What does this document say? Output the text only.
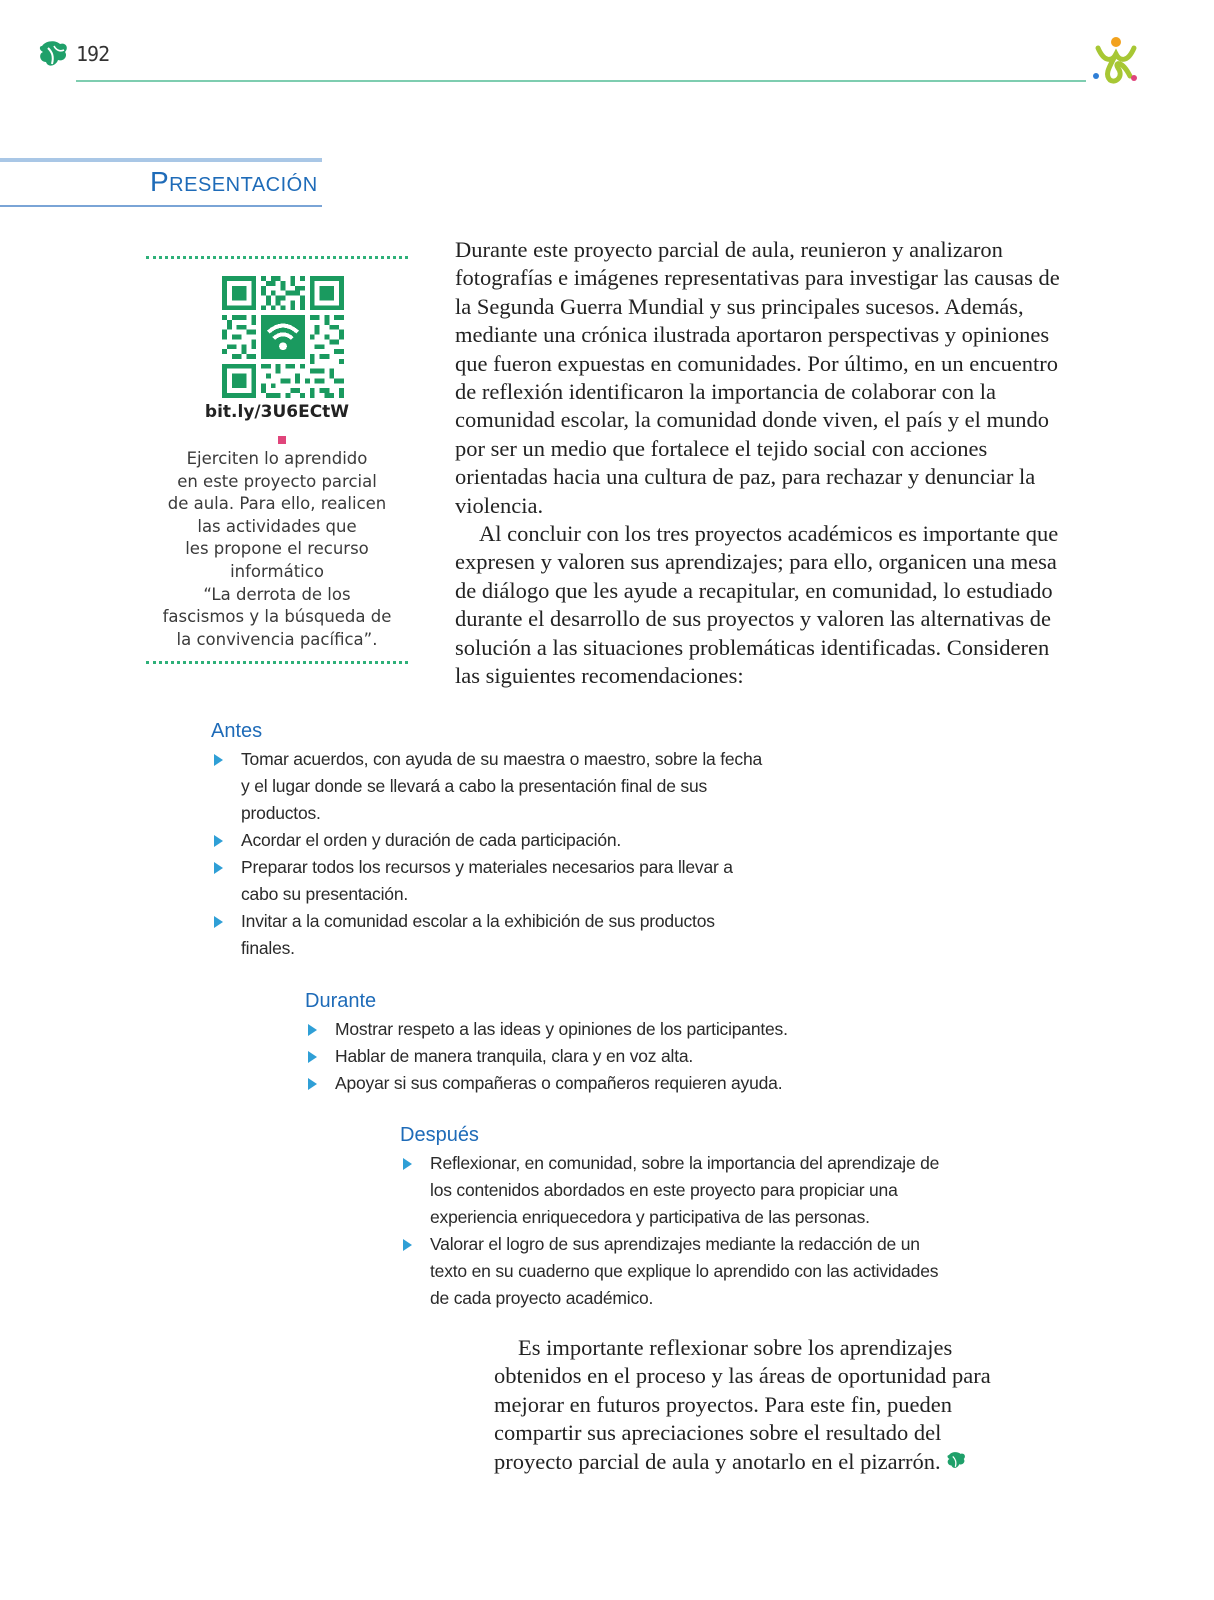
192
Presentación
bit.ly/3U6ECtW

Ejerciten lo aprendido

en este proyecto parcial

de aula. Para ello, realicen

las actividades que

les propone el recurso

informático

“La derrota de los

fascismos y la búsqueda de

la convivencia pacífica”.

Durante este proyecto parcial de aula, reunieron y analizaron fotografías e imágenes representativas para investigar las causas de la Segunda Guerra Mundial y sus principales sucesos. Además, mediante una crónica ilustrada aportaron perspectivas y opiniones que fueron expuestas en comunidades. Por último, en un encuentro de reflexión identificaron la importancia de colaborar con la comunidad escolar, la comunidad donde viven, el país y el mundo por ser un medio que fortalece el tejido social con acciones orientadas hacia una cultura de paz, para rechazar y denunciar la violencia.

Al concluir con los tres proyectos académicos es importante que expresen y valoren sus aprendizajes; para ello, organicen una mesa de diálogo que les ayude a recapitular, en comunidad, lo estudiado durante el desarrollo de sus proyectos y valoren las alternativas de solución a las situaciones problemáticas identificadas. Consideren las siguientes recomendaciones:

Antes
Tomar acuerdos, con ayuda de su maestra o maestro, sobre la fecha y el lugar donde se llevará a cabo la presentación final de sus productos.
Acordar el orden y duración de cada participación.
Preparar todos los recursos y materiales necesarios para llevar a cabo su presentación.
Invitar a la comunidad escolar a la exhibición de sus productos finales.
Durante
Mostrar respeto a las ideas y opiniones de los participantes.
Hablar de manera tranquila, clara y en voz alta.
Apoyar si sus compañeras o compañeros requieren ayuda.
Después
Reflexionar, en comunidad, sobre la importancia del aprendizaje de los contenidos abordados en este proyecto para propiciar una experiencia enriquecedora y participativa de las personas.
Valorar el logro de sus aprendizajes mediante la redacción de un texto en su cuaderno que explique lo aprendido con las actividades de cada proyecto académico.
Es importante reflexionar sobre los aprendizajes obtenidos en el proceso y las áreas de oportunidad para mejorar en futuros proyectos. Para este fin, pueden compartir sus apreciaciones sobre el resultado del proyecto parcial de aula y anotarlo en el pizarrón.
